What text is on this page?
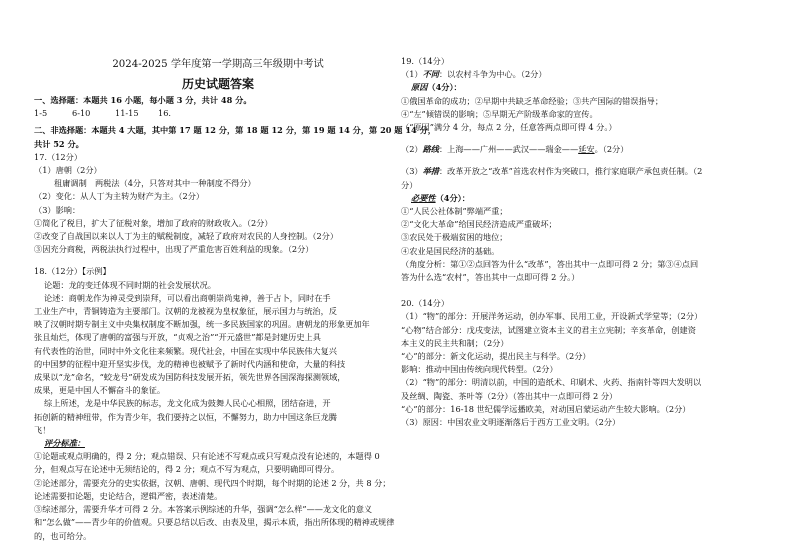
2024-2025 学年度第一学期高三年级期中考试
历史试题答案
一、选择题：本题共 16 小题，每小题 3 分，共计 48 分。
1-5	6-10	11-15	16.
二、非选择题：本题共 4 大题，其中第 17 题 12 分，第 18 题 12 分，第 19 题 14 分，第 20 题 14 分，
共计 52 分。
17.（12分）
（1）唐朝（2分）
租庸调制　两税法（4分，只答对其中一种制度不得分）
（2）变化：从人丁为主转为财产为主。（2分）
（3）影响：
①简化了税目，扩大了征税对象，增加了政府的财政收入。（2分）
②改变了自战国以来以人丁为主的赋税制度，减轻了政府对农民的人身控制。（2分）
③因充分商税，两税法执行过程中，出现了严重危害百姓利益的现象。（2分）
18.（12分）【示例】
论题：龙的变迁体现不同时期的社会发展状况。
论述：商朝龙作为神灵受到崇拜，可以看出商朝崇尚鬼神，善于占卜，同时在手
工业生产中，青铜铸造为主要部门。汉朝的龙被视为皇权象征，展示国力与统治，反
映了汉朝时期专制主义中央集权制度不断加强，统一多民族国家的巩固。唐朝龙的形象更加年
张且灿烂，体现了唐朝的富强与开放，“贞观之治”“开元盛世”都是封建历史上具
有代表性的治世，同时中外文化往来频繁。现代社会，中国在实现中华民族伟大复兴
的中国梦的征程中迎开坚实步伐，龙的精神也被赋予了新时代内涵和使命，大量的科技
成果以“龙”命名，“蛟龙号”研发成为国防科技发展开拓，领先世界各国深海探测领域，
成果，更是中国人不懈奋斗的象征。
综上所述，龙是中华民族的标志，龙文化成为鼓舞人民心心相照，团结奋进，开
拓创新的精神纽带，作为青少年，我们要持之以恒，不懈努力，助力中国这条巨龙腾
飞！
评分标准：
①论题或观点明确的，得 2 分；观点错误、只有论述不写观点或只写观点没有论述的，本题得 0
分，但观点写在论述中无须结论的，得 2 分；观点不写为观点，只要明确即可得分。
②论述部分，需要充分的史实依据，汉朝、唐朝、现代四个时期，每个时期的论述 2 分，共 8 分；
论述需要扣论题，史论结合，逻辑严密，表述清楚。
③综述部分，需要升华才可得 2 分。本答案示例综述的升华，强调“怎么样”——龙文化的意义
和“怎么做”——青少年的价值观。只要总结以后改、由表及里，揭示本质，指出所体现的精神或规律
的，也可给分。
19.（14分）
（1）不同：以农村斗争为中心。（2分）
原因（4分）：
①俄国革命的成功；②早期中共缺乏革命经验；③共产国际的错误指导；
④“左”倾错误的影响；⑤早期无产阶级革命家的宣传。
（“原因”满分 4 分，每点 2 分，任意答两点即可得 4 分。）
（2）路线：上海——广州——武汉——瑞金——延安。（2分）
（3）举措：改革开放之“改革”首选农村作为突破口，推行家庭联产承包责任制。（2
分）
必要性（4分）：
①“人民公社体制”弊端严重；
②“文化大革命”给国民经济造成严重破坏；
③农民处于极端贫困的地位；
④农业是国民经济的基础。
（角度分析：第①②点回答为什么“改革”，答出其中一点即可得 2 分；第③④点回
答为什么选“农村”，答出其中一点即可得 2 分。）
20.（14分）
（1）“物”的部分：开展洋务运动，创办军事、民用工业，开设新式学堂等；（2分）
“心物”结合部分：戊戌变法，试图建立资本主义的君主立宪制；辛亥革命，创建资
本主义的民主共和制；（2分）
“心”的部分：新文化运动，提出民主与科学。（2分）
影响：推动中国由传统向现代转型。（2分）
（2）“物”的部分：明清以前，中国的造纸术、印刷术、火药、指南针等四大发明以
及丝绸、陶瓷、茶叶等（2分）（答出其中一点即可得 2 分）
“心”的部分：16-18 世纪儒学远播欧美，对动国启蒙运动产生较大影响。（2分）
（3）原因：中国农业文明逐渐落后于西方工业文明。（2分）
